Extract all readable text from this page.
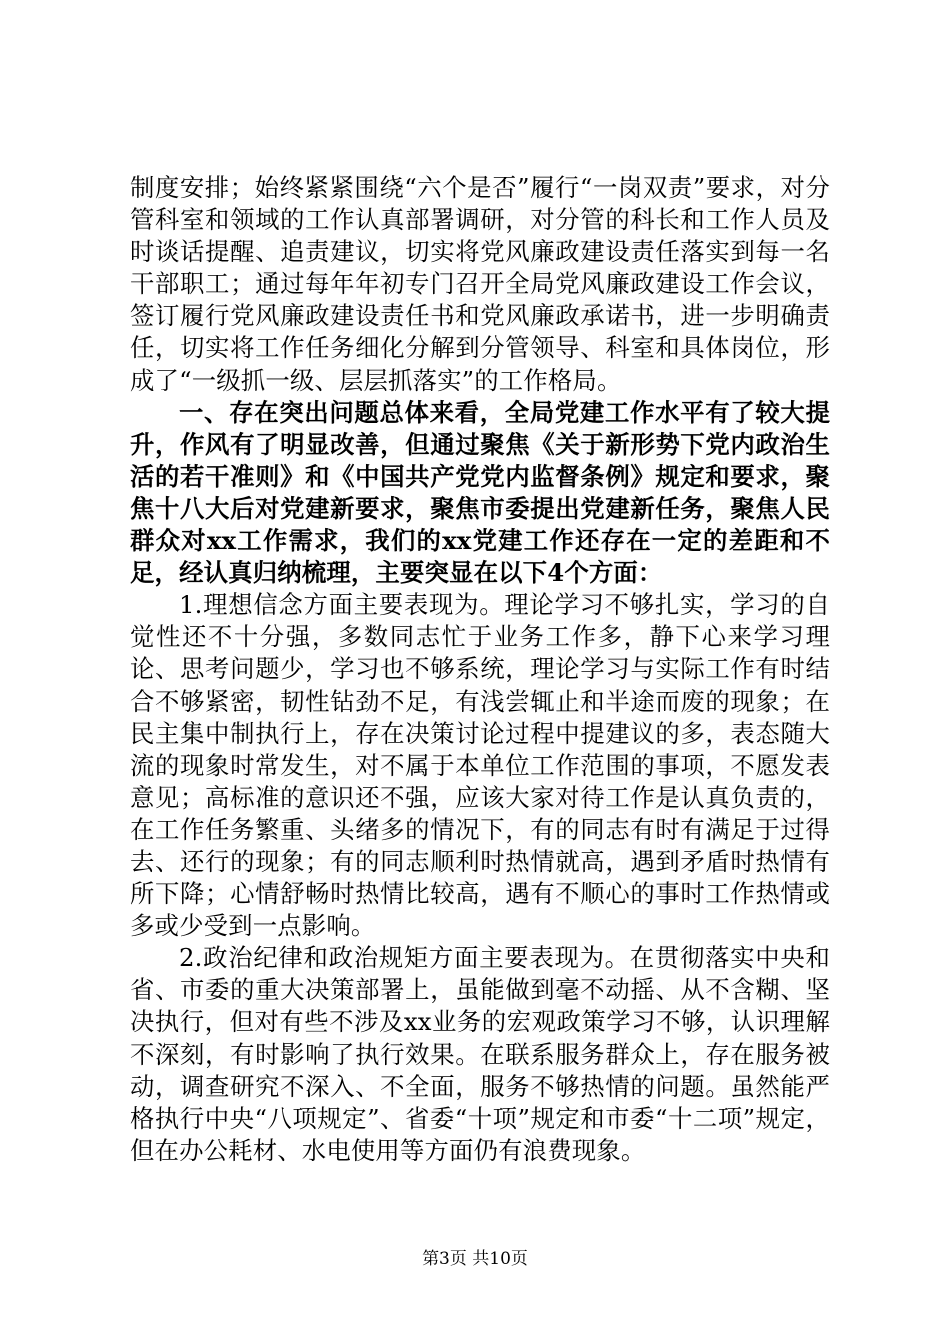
制度安排；始终紧紧围绕“六个是否”履行“一岗双责”要求，对分管科室和领域的工作认真部署调研，对分管的科长和工作人员及时谈话提醒、追责建议，切实将党风廉政建设责任落实到每一名干部职工；通过每年年初专门召开全局党风廉政建设工作会议，签订履行党风廉政建设责任书和党风廉政承诺书，进一步明确责任，切实将工作任务细化分解到分管领导、科室和具体岗位，形成了“一级抓一级、层层抓落实”的工作格局。

一、存在突出问题总体来看，全局党建工作水平有了较大提升，作风有了明显改善，但通过聚焦《关于新形势下党内政治生活的若干准则》和《中国共产党党内监督条例》规定和要求，聚焦十八大后对党建新要求，聚焦市委提出党建新任务，聚焦人民群众对xx工作需求，我们的xx党建工作还存在一定的差距和不足，经认真归纳梳理，主要突显在以下4个方面：

1.理想信念方面主要表现为。理论学习不够扎实，学习的自觉性还不十分强，多数同志忙于业务工作多，静下心来学习理论、思考问题少，学习也不够系统，理论学习与实际工作有时结合不够紧密，韧性钻劲不足，有浅尝辄止和半途而废的现象；在民主集中制执行上，存在决策讨论过程中提建议的多，表态随大流的现象时常发生，对不属于本单位工作范围的事项，不愿发表意见；高标准的意识还不强，应该大家对待工作是认真负责的，在工作任务繁重、头绪多的情况下，有的同志有时有满足于过得去、还行的现象；有的同志顺利时热情就高，遇到矛盾时热情有所下降；心情舒畅时热情比较高，遇有不顺心的事时工作热情或多或少受到一点影响。

2.政治纪律和政治规矩方面主要表现为。在贯彻落实中央和省、市委的重大决策部署上，虽能做到毫不动摇、从不含糊、坚决执行，但对有些不涉及xx业务的宏观政策学习不够，认识理解不深刻，有时影响了执行效果。在联系服务群众上，存在服务被动，调查研究不深入、不全面，服务不够热情的问题。虽然能严格执行中央“八项规定”、省委“十项”规定和市委“十二项”规定，但在办公耗材、水电使用等方面仍有浪费现象。

第3页 共10页
